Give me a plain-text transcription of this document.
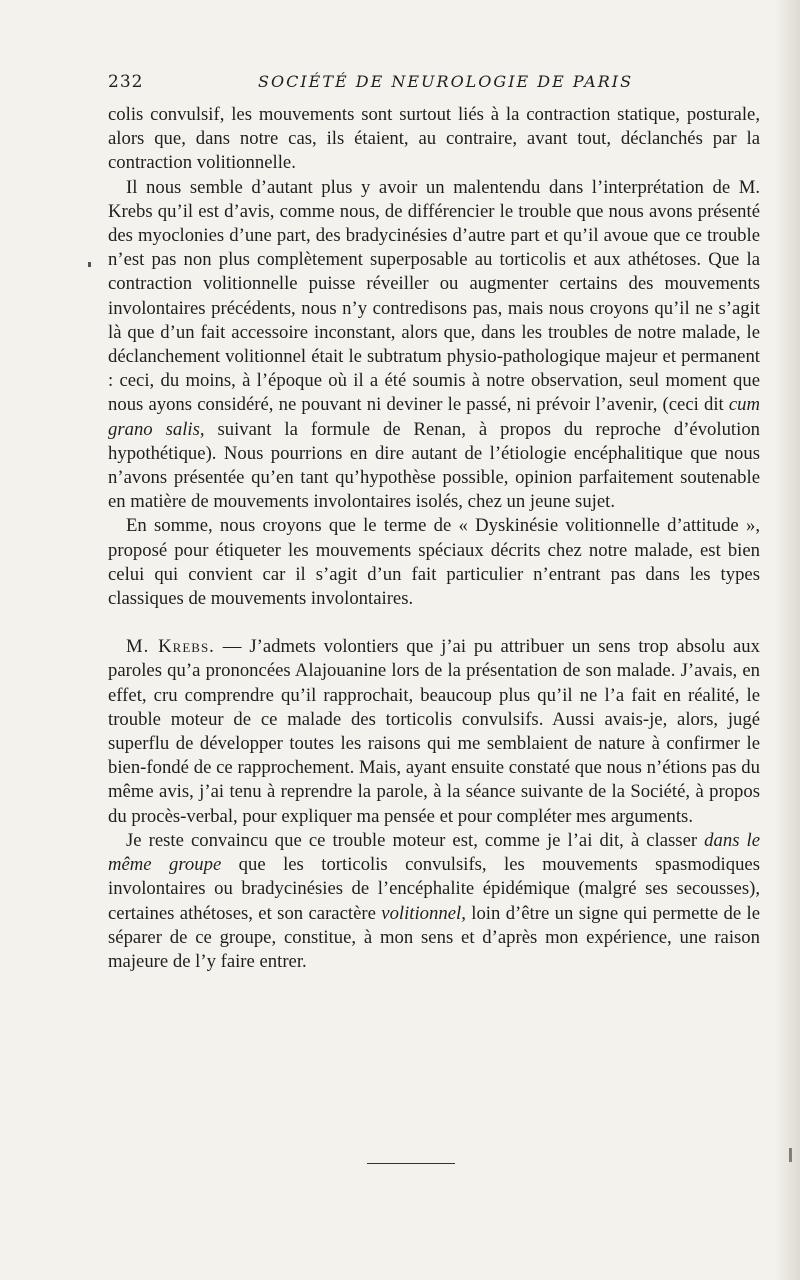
232	SOCIÉTÉ DE NEUROLOGIE DE PARIS

colis convulsif, les mouvements sont surtout liés à la contraction statique, posturale, alors que, dans notre cas, ils étaient, au contraire, avant tout, déclanchés par la contraction volitionnelle.

Il nous semble d’autant plus y avoir un malentendu dans l’interprétation de M. Krebs qu’il est d’avis, comme nous, de différencier le trouble que nous avons présenté des myoclonies d’une part, des bradycinésies d’autre part et qu’il avoue que ce trouble n’est pas non plus complètement superposable au torticolis et aux athétoses. Que la contraction volitionnelle puisse réveiller ou augmenter certains des mouvements involontaires précédents, nous n’y contredisons pas, mais nous croyons qu’il ne s’agit là que d’un fait accessoire inconstant, alors que, dans les troubles de notre malade, le déclanchement volitionnel était le subtratum physio-pathologique majeur et permanent : ceci, du moins, à l’époque où il a été soumis à notre observation, seul moment que nous ayons considéré, ne pouvant ni deviner le passé, ni prévoir l’avenir, (ceci dit cum grano salis, suivant la formule de Renan, à propos du reproche d’évolution hypothétique). Nous pourrions en dire autant de l’étiologie encéphalitique que nous n’avons présentée qu’en tant qu’hypothèse possible, opinion parfaitement soutenable en matière de mouvements involontaires isolés, chez un jeune sujet.

En somme, nous croyons que le terme de « Dyskinésie volitionnelle d’attitude », proposé pour étiqueter les mouvements spéciaux décrits chez notre malade, est bien celui qui convient car il s’agit d’un fait particulier n’entrant pas dans les types classiques de mouvements involontaires.

M. Krebs. — J’admets volontiers que j’ai pu attribuer un sens trop absolu aux paroles qu’a prononcées Alajouanine lors de la présentation de son malade. J’avais, en effet, cru comprendre qu’il rapprochait, beaucoup plus qu’il ne l’a fait en réalité, le trouble moteur de ce malade des torticolis convulsifs. Aussi avais-je, alors, jugé superflu de développer toutes les raisons qui me semblaient de nature à confirmer le bien-fondé de ce rapprochement. Mais, ayant ensuite constaté que nous n’étions pas du même avis, j’ai tenu à reprendre la parole, à la séance suivante de la Société, à propos du procès-verbal, pour expliquer ma pensée et pour compléter mes arguments.

Je reste convaincu que ce trouble moteur est, comme je l’ai dit, à classer dans le même groupe que les torticolis convulsifs, les mouvements spasmodiques involontaires ou bradycinésies de l’encéphalite épidémique (malgré ses secousses), certaines athétoses, et son caractère volitionnel, loin d’être un signe qui permette de le séparer de ce groupe, constitue, à mon sens et d’après mon expérience, une raison majeure de l’y faire entrer.
